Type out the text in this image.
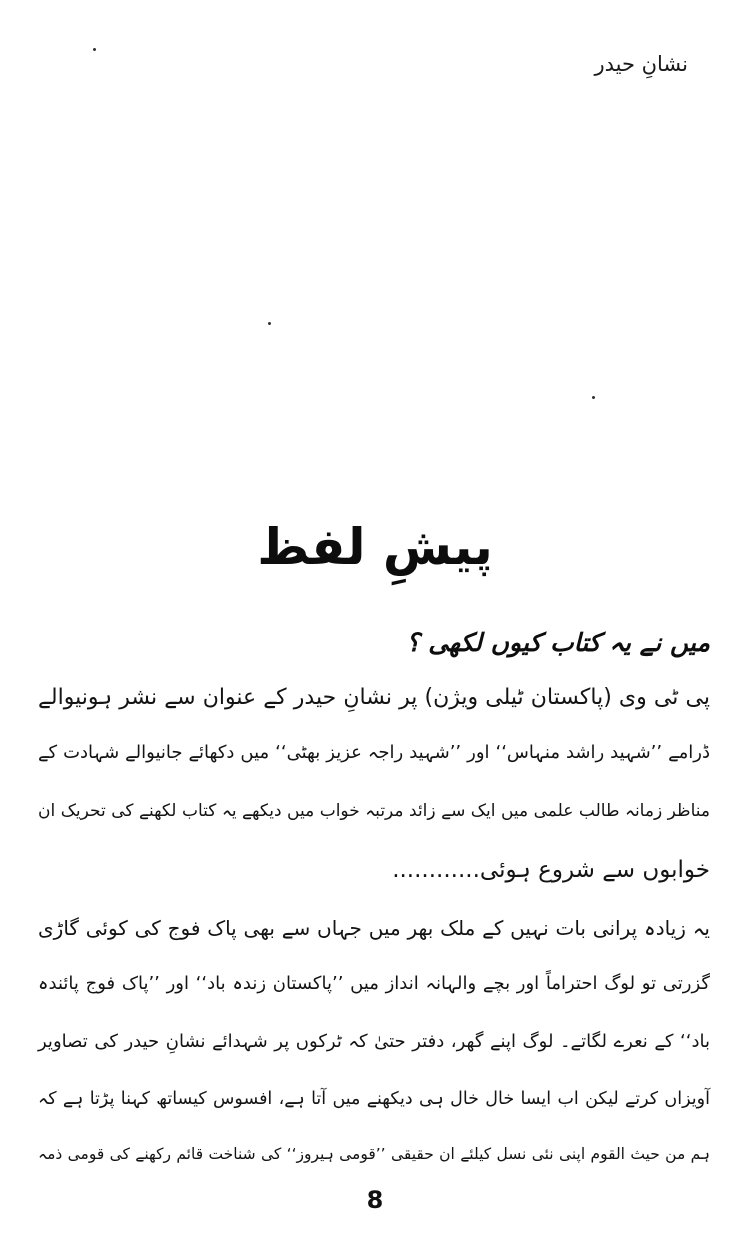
نشانِ حیدر
پیشِ لفظ
میں نے یہ کتاب کیوں لکھی ؟
پی ٹی وی (پاکستان ٹیلی ویژن) پر نشانِ حیدر کے عنوان سے نشر ہونیوالے
ڈرامے ’’شہید راشد منہاس‘‘ اور ’’شہید راجہ عزیز بھٹی‘‘ میں دکھائے جانیوالے شہادت کے
مناظر زمانہ طالب علمی میں ایک سے زائد مرتبہ خواب میں دیکھے یہ کتاب لکھنے کی تحریک ان
خوابوں سے شروع ہوئی............
یہ زیادہ پرانی بات نہیں کے ملک بھر میں جہاں سے بھی پاک فوج کی کوئی گاڑی
گزرتی تو لوگ احتراماً اور بچے والہانہ انداز میں ’’پاکستان زندہ باد‘‘ اور ’’پاک فوج پائندہ
باد‘‘ کے نعرے لگاتے۔ لوگ اپنے گھر، دفتر حتیٰ کہ ٹرکوں پر شہدائے نشانِ حیدر کی تصاویر
آویزاں کرتے لیکن اب ایسا خال خال ہی دیکھنے میں آتا ہے، افسوس کیساتھ کہنا پڑتا ہے کہ
ہم من حیث القوم اپنی نئی نسل کیلئے ان حقیقی ’’قومی ہیروز‘‘ کی شناخت قائم رکھنے کی قومی ذمہ
8
